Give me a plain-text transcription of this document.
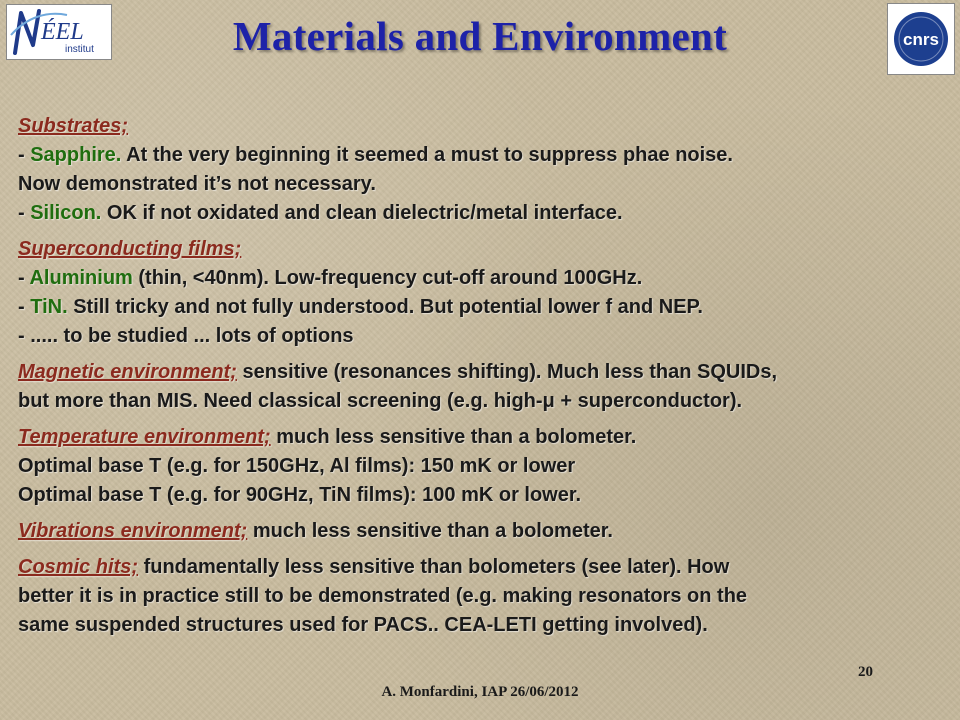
ÉEL
institut
cnrs
Materials and Environment
Substrates;
- Sapphire. At the very beginning it seemed a must to suppress phae noise.
Now demonstrated it’s not necessary.
- Silicon. OK if not oxidated and clean dielectric/metal interface.
Superconducting films;
- Aluminium (thin, <40nm). Low-frequency cut-off around 100GHz.
- TiN. Still tricky and not fully understood. But potential lower f and NEP.
- ..... to be studied ... lots of options
Magnetic environment; sensitive (resonances shifting). Much less than SQUIDs,
but more than MIS. Need classical screening (e.g. high-μ + superconductor).
Temperature environment; much less sensitive than a bolometer.
Optimal base T (e.g. for 150GHz, Al films): 150 mK or lower
Optimal base T (e.g. for 90GHz, TiN films): 100 mK or lower.
Vibrations environment; much less sensitive than a bolometer.
Cosmic hits; fundamentally less sensitive than bolometers (see later). How
better it is in practice still to be demonstrated (e.g. making resonators on the
same suspended structures used for PACS.. CEA-LETI getting involved).
20
A. Monfardini, IAP 26/06/2012
